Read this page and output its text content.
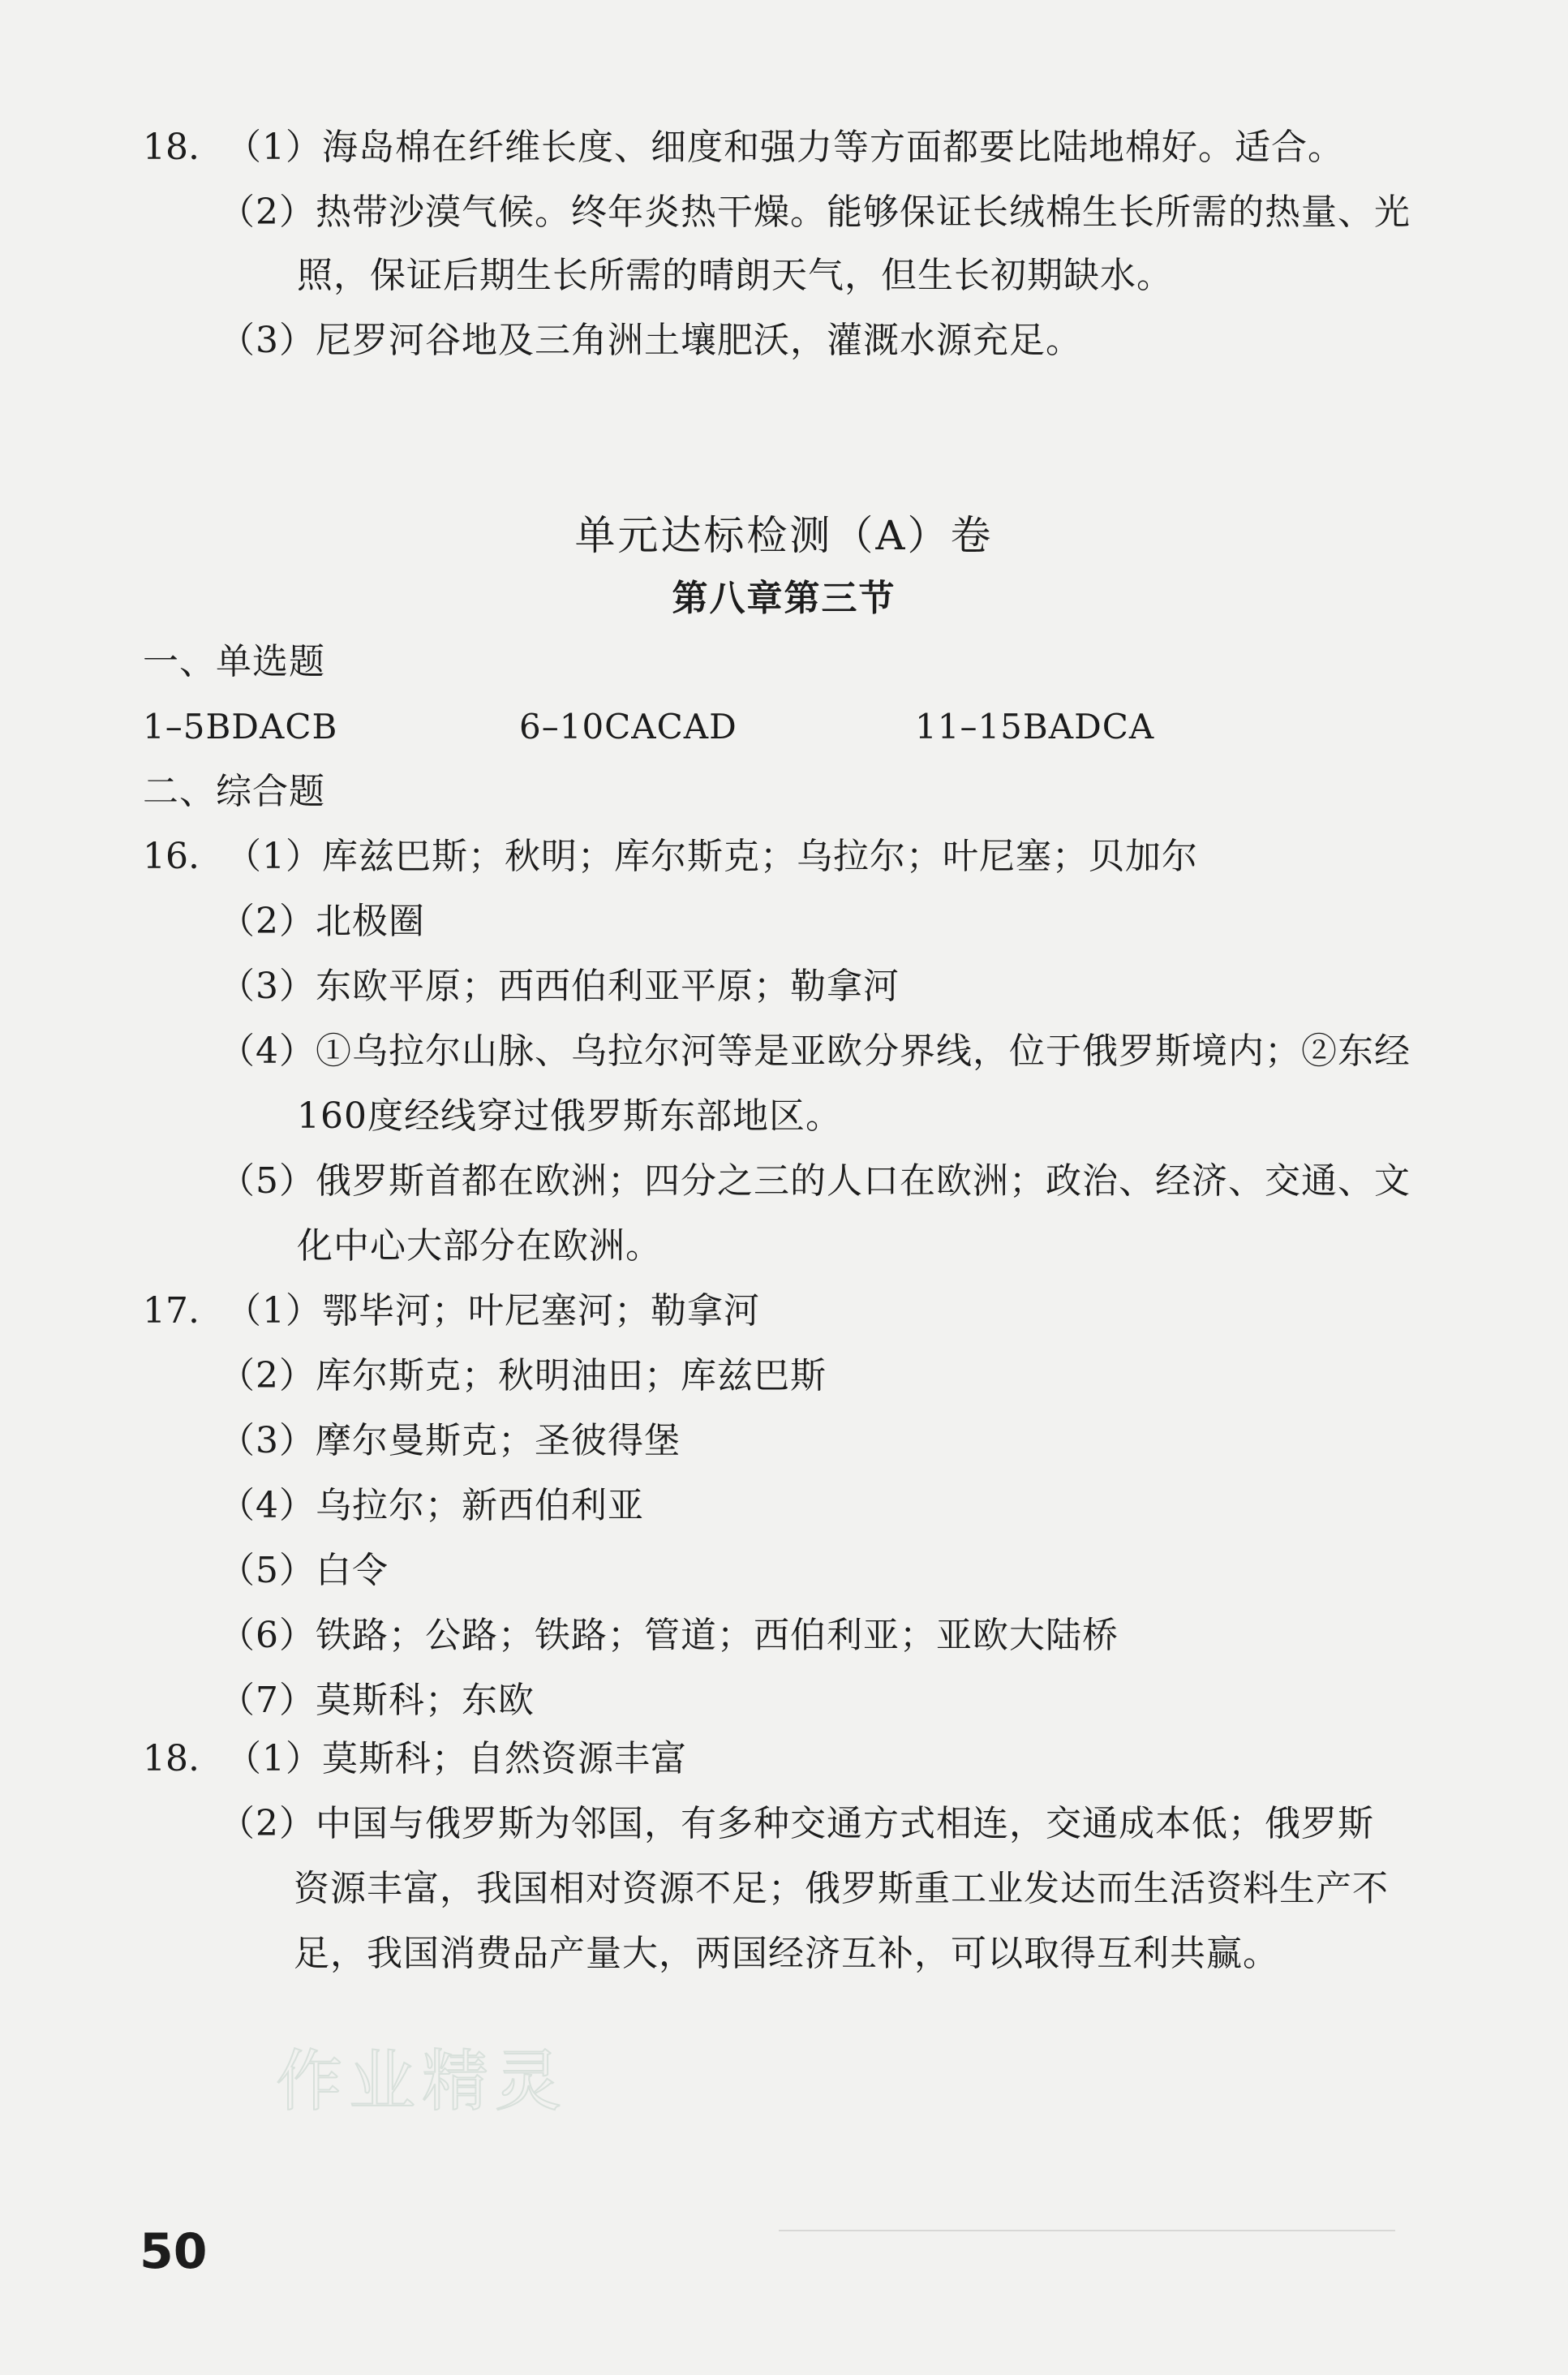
18. （1）海岛棉在纤维长度、细度和强力等方面都要比陆地棉好。适合。
（2）热带沙漠气候。终年炎热干燥。能够保证长绒棉生长所需的热量、光
照，保证后期生长所需的晴朗天气，但生长初期缺水。
（3）尼罗河谷地及三角洲土壤肥沃，灌溉水源充足。
单元达标检测（A）卷
第八章第三节
一、单选题
1–5BDACB	6–10CACAD	11–15BADCA
二、综合题
16. （1）库兹巴斯；秋明；库尔斯克；乌拉尔；叶尼塞；贝加尔
（2）北极圈
（3）东欧平原；西西伯利亚平原；勒拿河
（4）①乌拉尔山脉、乌拉尔河等是亚欧分界线，位于俄罗斯境内；②东经
160度经线穿过俄罗斯东部地区。
（5）俄罗斯首都在欧洲；四分之三的人口在欧洲；政治、经济、交通、文
化中心大部分在欧洲。
17. （1）鄂毕河；叶尼塞河；勒拿河
（2）库尔斯克；秋明油田；库兹巴斯
（3）摩尔曼斯克；圣彼得堡
（4）乌拉尔；新西伯利亚
（5）白令
（6）铁路；公路；铁路；管道；西伯利亚；亚欧大陆桥
（7）莫斯科；东欧
18. （1）莫斯科；自然资源丰富
（2）中国与俄罗斯为邻国，有多种交通方式相连，交通成本低；俄罗斯
资源丰富，我国相对资源不足；俄罗斯重工业发达而生活资料生产不
足，我国消费品产量大，两国经济互补，可以取得互利共赢。
作业精灵
50
